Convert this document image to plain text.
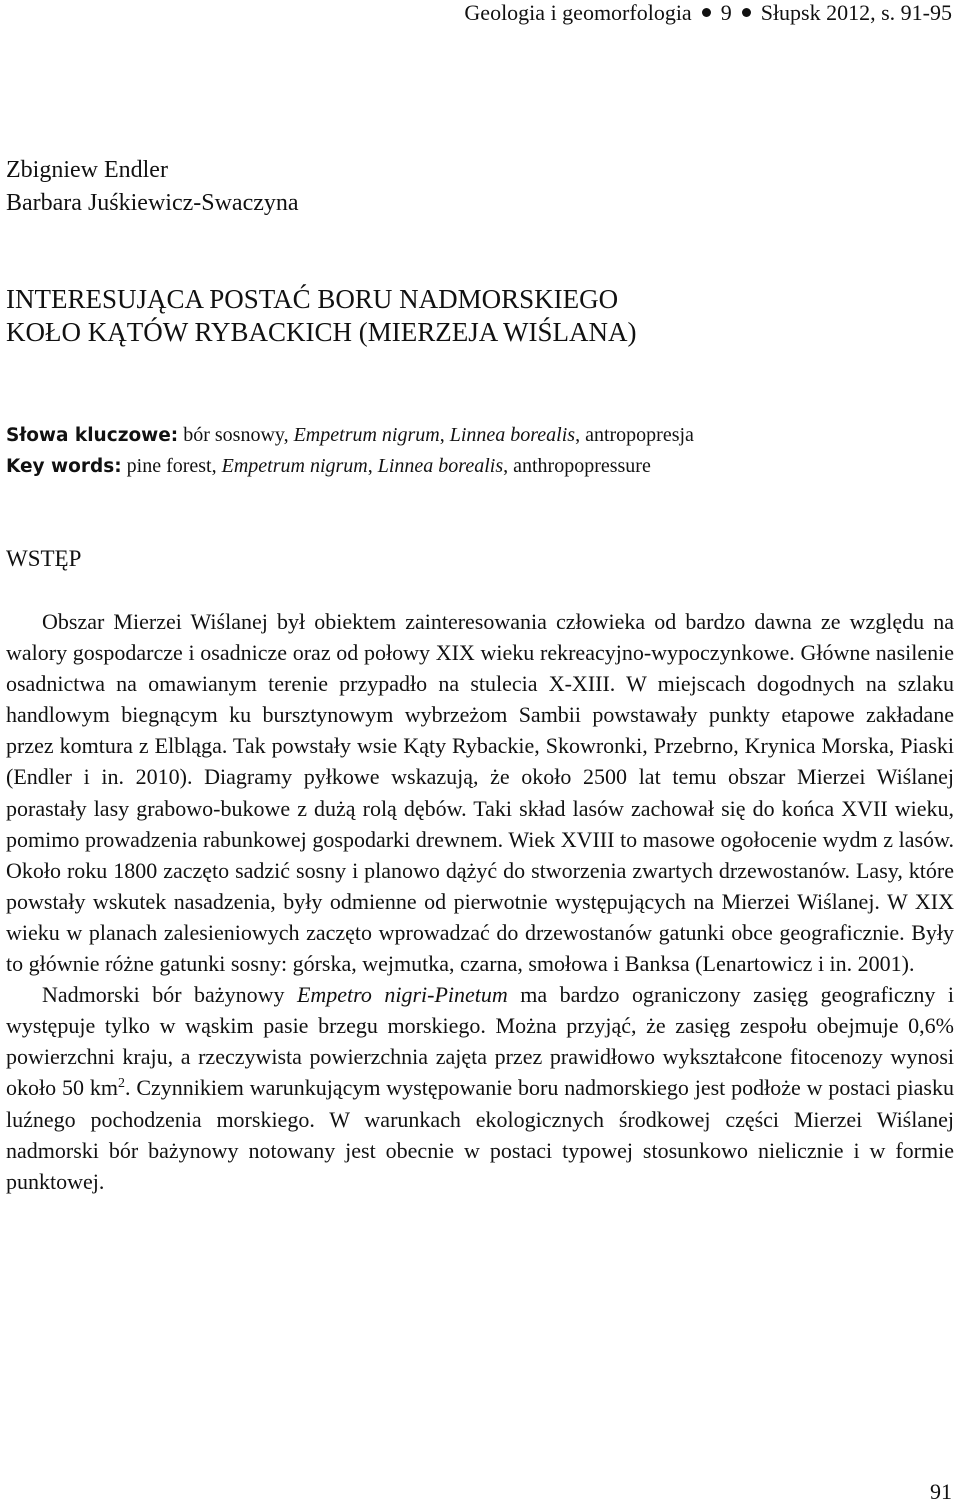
Geologia i geomorfologia 9 Słupsk 2012, s. 91-95
Zbigniew Endler
Barbara Juśkiewicz-Swaczyna
INTERESUJĄCA POSTAĆ BORU NADMORSKIEGO
KOŁO KĄTÓW RYBACKICH (MIERZEJA WIŚLANA)
Słowa kluczowe: bór sosnowy, Empetrum nigrum, Linnea borealis, antropopresja
Key words: pine forest, Empetrum nigrum, Linnea borealis, anthropopressure
WSTĘP

Obszar Mierzei Wiślanej był obiektem zainteresowania człowieka od bardzo dawna ze względu na walory gospodarcze i osadnicze oraz od połowy XIX wieku rekreacyjno-wypoczynkowe. Główne nasilenie osadnictwa na omawianym terenie przypadło na stulecia X-XIII. W miejscach dogodnych na szlaku handlowym biegnącym ku bursztynowym wybrzeżom Sambii powstawały punkty etapowe zakładane przez komtura z Elbląga. Tak powstały wsie Kąty Rybackie, Skowronki, Przebrno, Krynica Morska, Piaski (Endler i in. 2010). Diagramy pyłkowe wskazują, że około 2500 lat temu obszar Mierzei Wiślanej porastały lasy grabowo-bukowe z dużą rolą dębów. Taki skład lasów zachował się do końca XVII wieku, pomimo prowadzenia rabunkowej gospodarki drewnem. Wiek XVIII to masowe ogołocenie wydm z lasów. Około roku 1800 zaczęto sadzić sosny i planowo dążyć do stworzenia zwartych drzewostanów. Lasy, które powstały wskutek nasadzenia, były odmienne od pierwotnie występujących na Mierzei Wiślanej. W XIX wieku w planach zalesieniowych zaczęto wprowadzać do drzewostanów gatunki obce geograficznie. Były to głównie różne gatunki sosny: górska, wejmutka, czarna, smołowa i Banksa (Lenartowicz i in. 2001).

Nadmorski bór bażynowy Empetro nigri-Pinetum ma bardzo ograniczony zasięg geograficzny i występuje tylko w wąskim pasie brzegu morskiego. Można przyjąć, że zasięg zespołu obejmuje 0,6% powierzchni kraju, a rzeczywista powierzchnia zajęta przez prawidłowo wykształcone fitocenozy wynosi około 50 $km^2$. Czynnikiem warunkującym występowanie boru nadmorskiego jest podłoże w postaci piasku luźnego pochodzenia morskiego. W warunkach ekologicznych środkowej części Mierzei Wiślanej nadmorski bór bażynowy notowany jest obecnie w postaci typowej stosunkowo nielicznie i w formie punktowej.

91
